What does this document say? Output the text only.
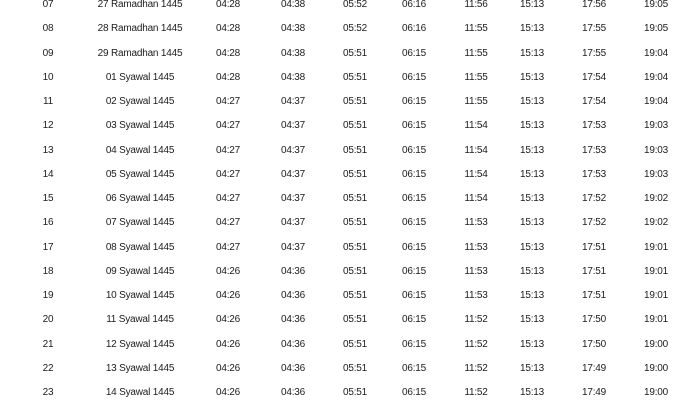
07	27 Ramadhan 1445	04:28	04:38	05:52	06:16	11:56	15:13	17:56	19:05
08	28 Ramadhan 1445	04:28	04:38	05:52	06:16	11:55	15:13	17:55	19:05
09	29 Ramadhan 1445	04:28	04:38	05:51	06:15	11:55	15:13	17:55	19:04
10	01 Syawal 1445	04:28	04:38	05:51	06:15	11:55	15:13	17:54	19:04
11	02 Syawal 1445	04:27	04:37	05:51	06:15	11:55	15:13	17:54	19:04
12	03 Syawal 1445	04:27	04:37	05:51	06:15	11:54	15:13	17:53	19:03
13	04 Syawal 1445	04:27	04:37	05:51	06:15	11:54	15:13	17:53	19:03
14	05 Syawal 1445	04:27	04:37	05:51	06:15	11:54	15:13	17:53	19:03
15	06 Syawal 1445	04:27	04:37	05:51	06:15	11:54	15:13	17:52	19:02
16	07 Syawal 1445	04:27	04:37	05:51	06:15	11:53	15:13	17:52	19:02
17	08 Syawal 1445	04:27	04:37	05:51	06:15	11:53	15:13	17:51	19:01
18	09 Syawal 1445	04:26	04:36	05:51	06:15	11:53	15:13	17:51	19:01
19	10 Syawal 1445	04:26	04:36	05:51	06:15	11:53	15:13	17:51	19:01
20	11 Syawal 1445	04:26	04:36	05:51	06:15	11:52	15:13	17:50	19:01
21	12 Syawal 1445	04:26	04:36	05:51	06:15	11:52	15:13	17:50	19:00
22	13 Syawal 1445	04:26	04:36	05:51	06:15	11:52	15:13	17:49	19:00
23	14 Syawal 1445	04:26	04:36	05:51	06:15	11:52	15:13	17:49	19:00
